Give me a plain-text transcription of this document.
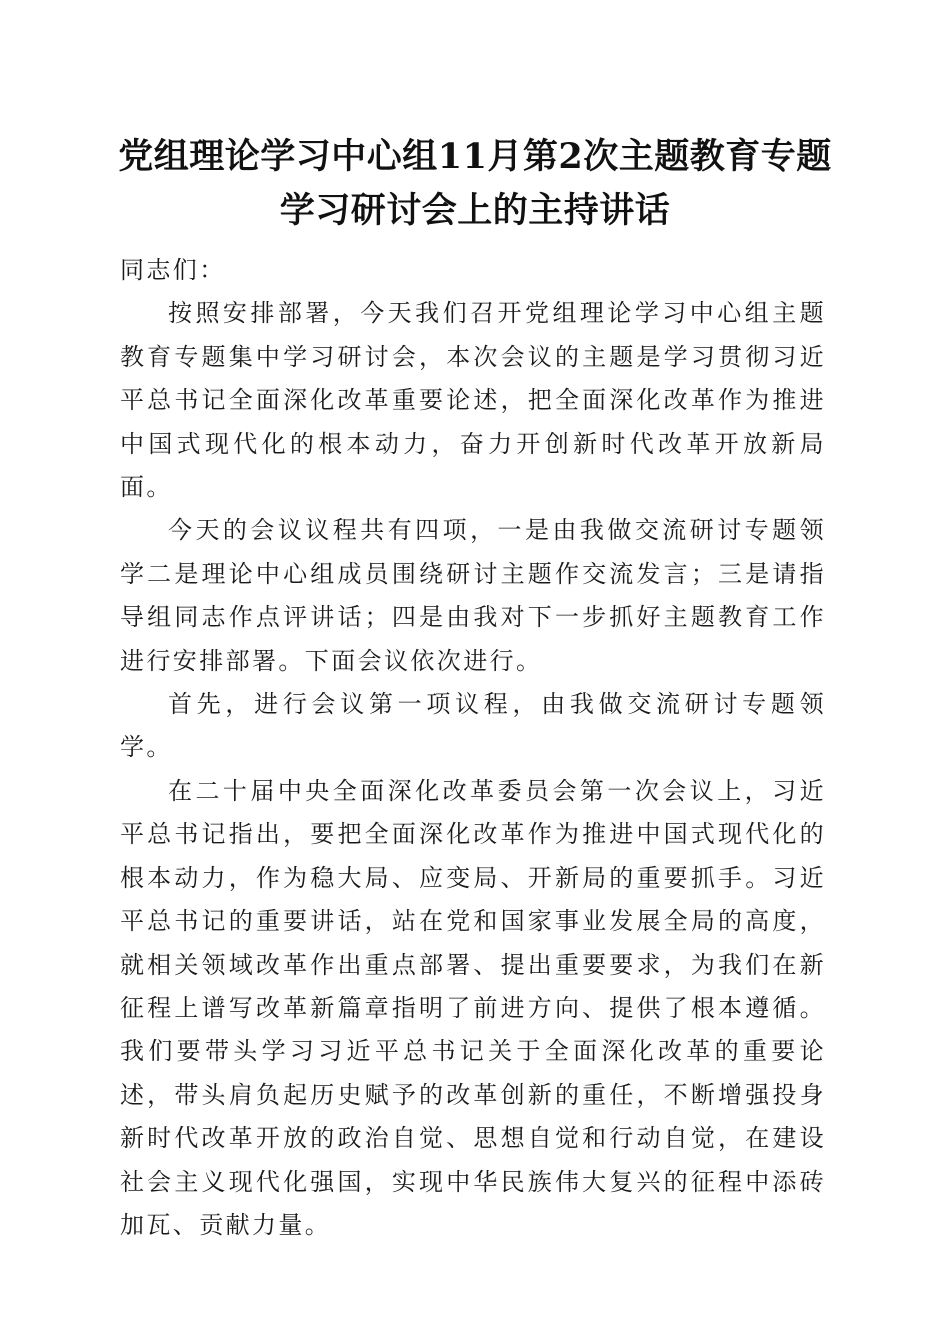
党组理论学习中心组11月第2次主题教育专题学习研讨会上的主持讲话

同志们：

按照安排部署，今天我们召开党组理论学习中心组主题教育专题集中学习研讨会，本次会议的主题是学习贯彻习近平总书记全面深化改革重要论述，把全面深化改革作为推进中国式现代化的根本动力，奋力开创新时代改革开放新局面。

今天的会议议程共有四项，一是由我做交流研讨专题领学二是理论中心组成员围绕研讨主题作交流发言；三是请指导组同志作点评讲话；四是由我对下一步抓好主题教育工作进行安排部署。下面会议依次进行。

首先，进行会议第一项议程，由我做交流研讨专题领学。

在二十届中央全面深化改革委员会第一次会议上，习近平总书记指出，要把全面深化改革作为推进中国式现代化的根本动力，作为稳大局、应变局、开新局的重要抓手。习近平总书记的重要讲话，站在党和国家事业发展全局的高度，就相关领域改革作出重点部署、提出重要要求，为我们在新征程上谱写改革新篇章指明了前进方向、提供了根本遵循。我们要带头学习习近平总书记关于全面深化改革的重要论述，带头肩负起历史赋予的改革创新的重任，不断增强投身新时代改革开放的政治自觉、思想自觉和行动自觉，在建设社会主义现代化强国，实现中华民族伟大复兴的征程中添砖加瓦、贡献力量。
